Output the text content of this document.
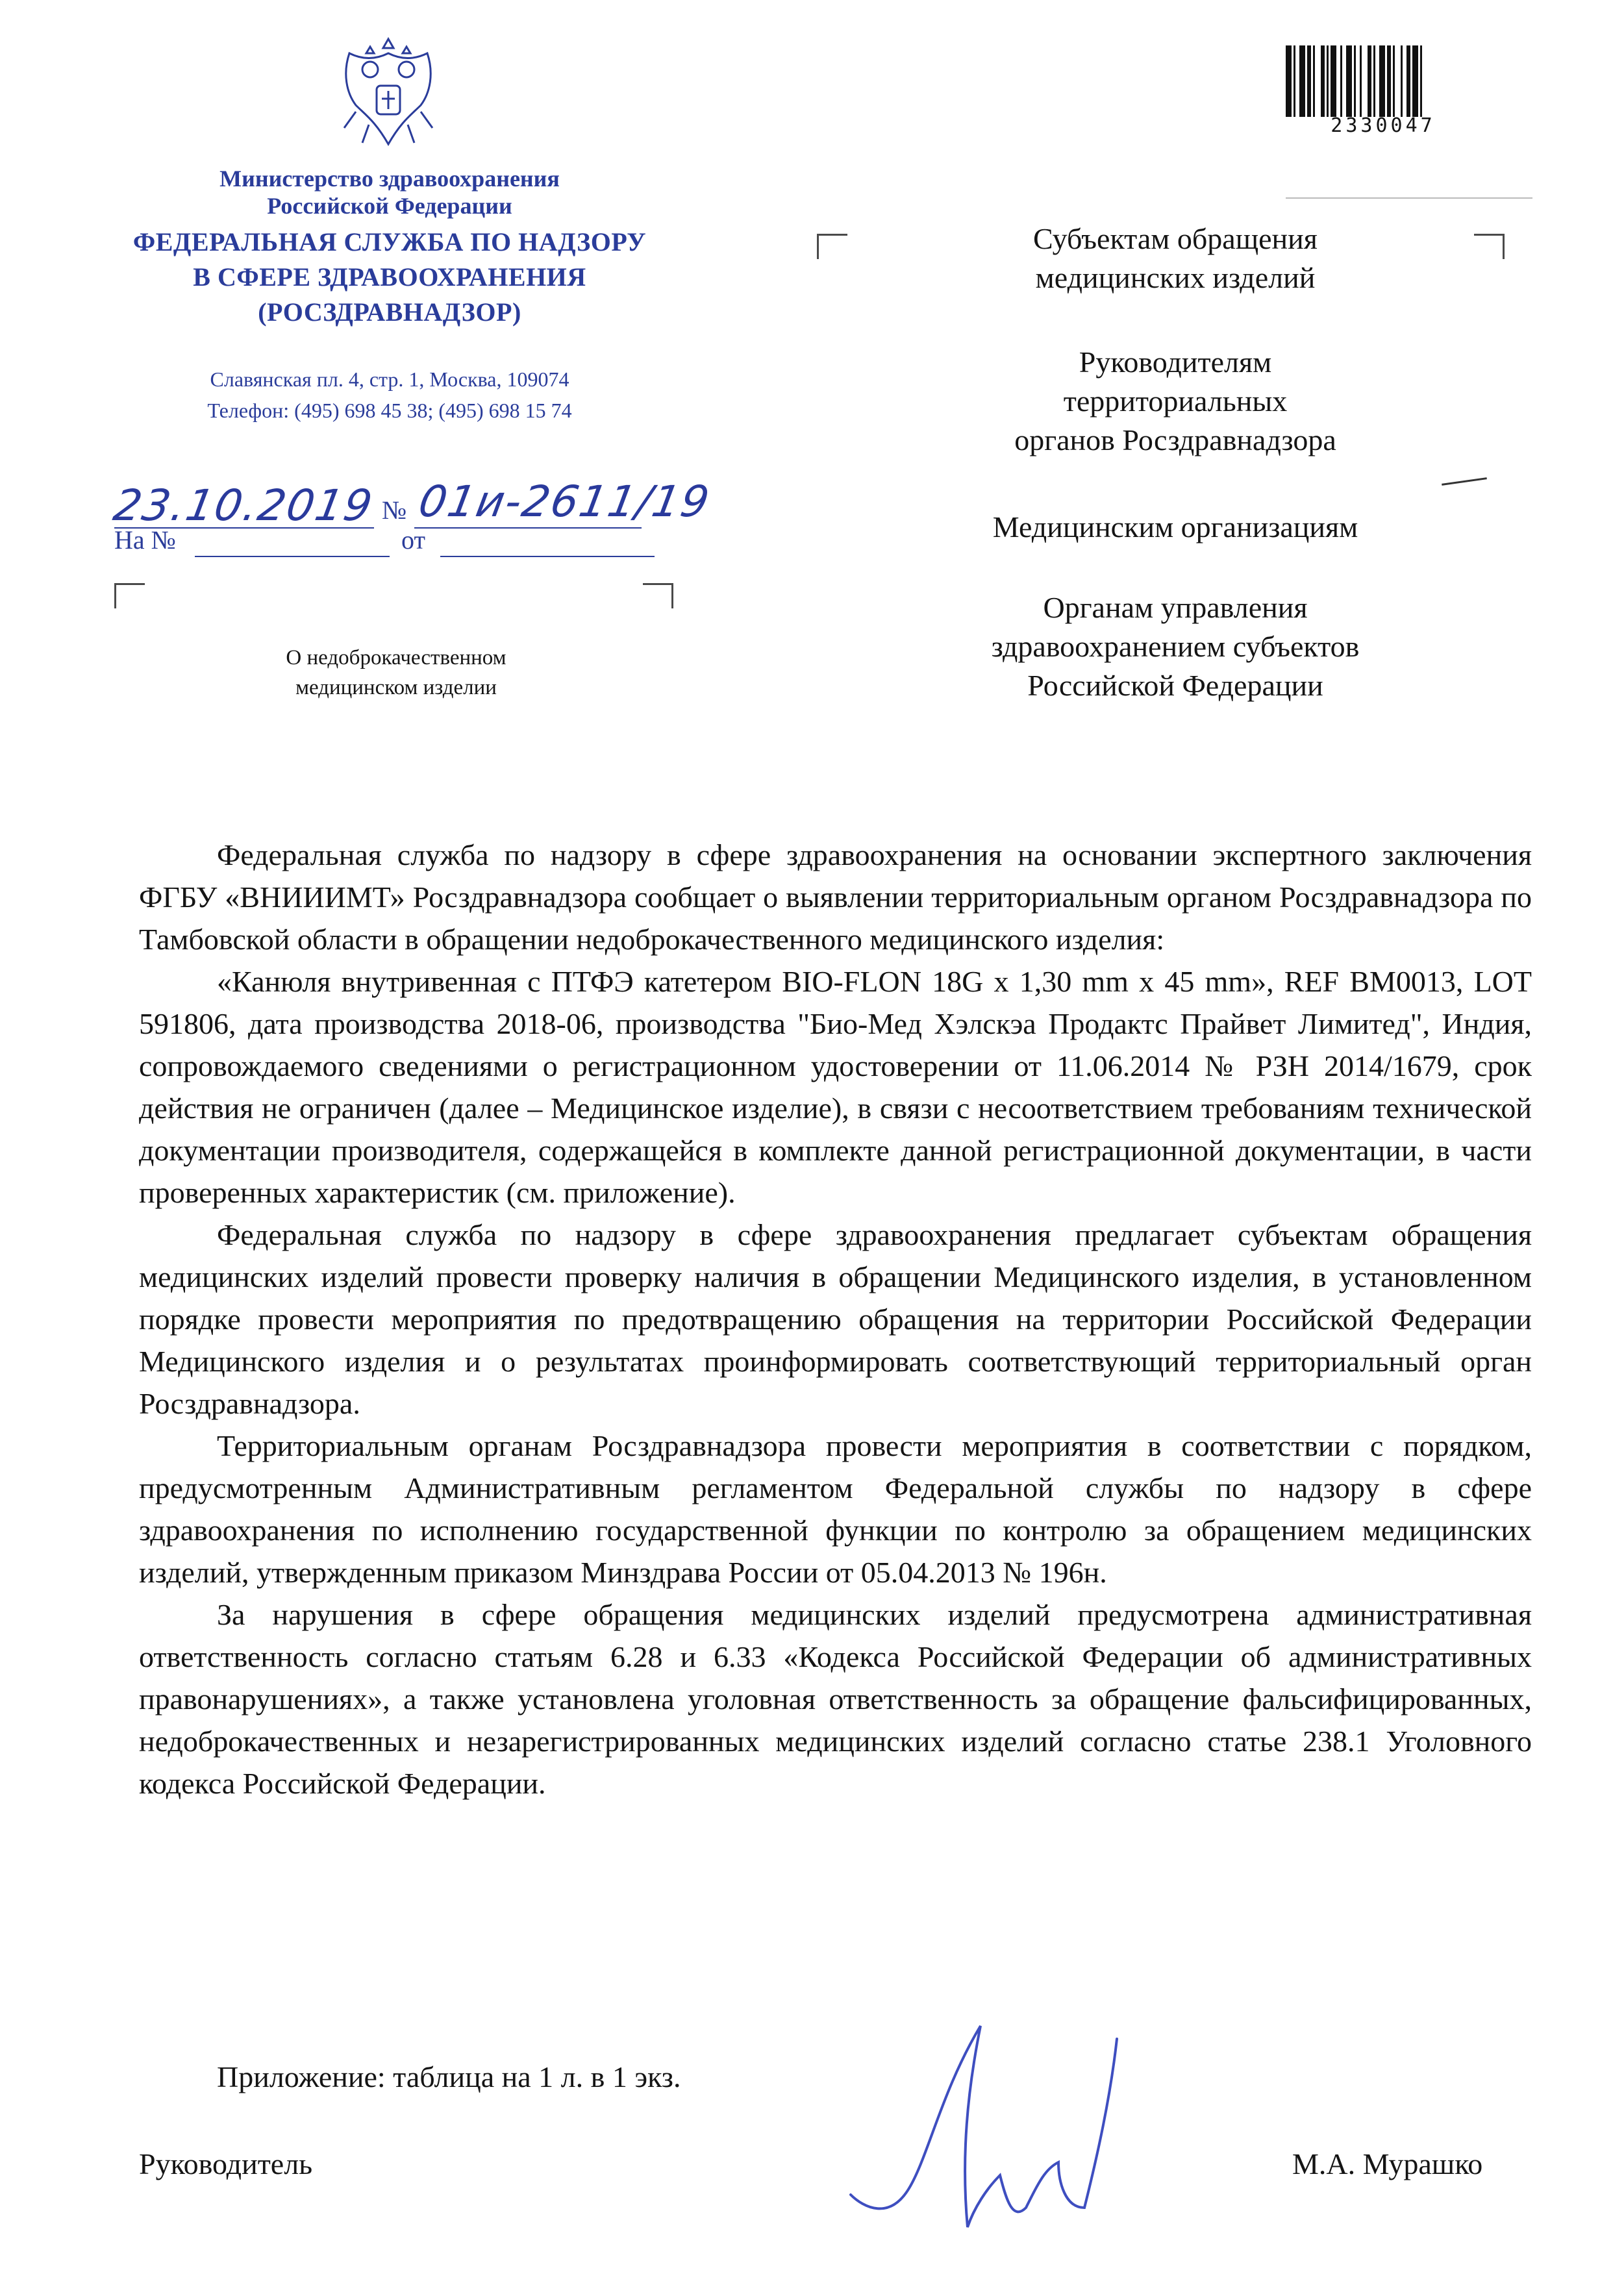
Министерство здравоохранения
Российской Федерации
ФЕДЕРАЛЬНАЯ СЛУЖБА ПО НАДЗОРУ
В СФЕРЕ ЗДРАВООХРАНЕНИЯ
(РОСЗДРАВНАДЗОР)
Славянская пл. 4, стр. 1, Москва, 109074
Телефон: (495) 698 45 38; (495) 698 15 74
23.10.2019 № 01и-2611/19
На №	от
О недоброкачественном
медицинском изделии
2330047
Субъектам обращения
медицинских изделий
Руководителям
территориальных
органов Росздравнадзора
Медицинским организациям
Органам управления
здравоохранением субъектов
Российской Федерации

Федеральная служба по надзору в сфере здравоохранения на основании экспертного заключения ФГБУ «ВНИИИМТ» Росздравнадзора сообщает о выявлении территориальным органом Росздравнадзора по Тамбовской области в обращении недоброкачественного медицинского изделия:

«Канюля внутривенная с ПТФЭ катетером BIO-FLON 18G x 1,30 mm x 45 mm», REF BM0013, LOT 591806, дата производства 2018-06, производства "Био-Мед Хэлскэа Продактс Прайвет Лимитед", Индия, сопровождаемого сведениями о регистрационном удостоверении от 11.06.2014 № РЗН 2014/1679, срок действия не ограничен (далее – Медицинское изделие), в связи с несоответствием требованиям технической документации производителя, содержащейся в комплекте данной регистрационной документации, в части проверенных характеристик (см. приложение).

Федеральная служба по надзору в сфере здравоохранения предлагает субъектам обращения медицинских изделий провести проверку наличия в обращении Медицинского изделия, в установленном порядке провести мероприятия по предотвращению обращения на территории Российской Федерации Медицинского изделия и о результатах проинформировать соответствующий территориальный орган Росздравнадзора.

Территориальным органам Росздравнадзора провести мероприятия в соответствии с порядком, предусмотренным Административным регламентом Федеральной службы по надзору в сфере здравоохранения по исполнению государственной функции по контролю за обращением медицинских изделий, утвержденным приказом Минздрава России от 05.04.2013 № 196н.

За нарушения в сфере обращения медицинских изделий предусмотрена административная ответственность согласно статьям 6.28 и 6.33 «Кодекса Российской Федерации об административных правонарушениях», а также установлена уголовная ответственность за обращение фальсифицированных, недоброкачественных и незарегистрированных медицинских изделий согласно статье 238.1 Уголовного кодекса Российской Федерации.

Приложение: таблица на 1 л. в 1 экз.
Руководитель	М.А. Мурашко
